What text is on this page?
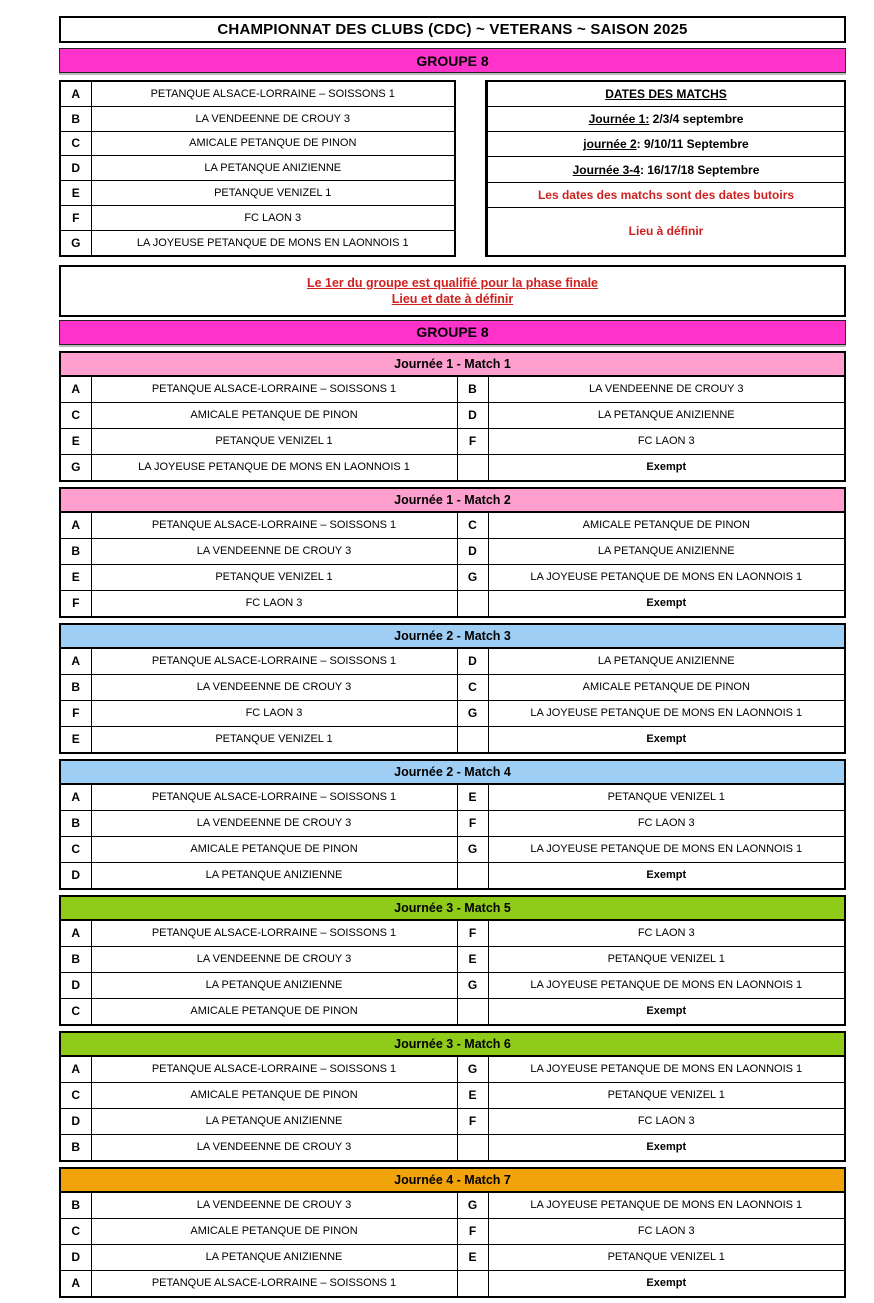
CHAMPIONNAT DES CLUBS (CDC) ~ VETERANS ~ SAISON 2025
GROUPE 8
A	PETANQUE ALSACE-LORRAINE – SOISSONS 1
B	LA VENDEENNE DE CROUY 3
C	AMICALE PETANQUE DE PINON
D	LA PETANQUE ANIZIENNE
E	PETANQUE VENIZEL 1
F	FC LAON 3
G	LA JOYEUSE PETANQUE DE MONS EN LAONNOIS 1
DATES DES MATCHS
Journée 1: 2/3/4 septembre
journée 2: 9/10/11 Septembre
Journée 3-4: 16/17/18 Septembre
Les dates des matchs sont des dates butoirs
Lieu à définir
Le 1er du groupe est qualifié pour la phase finale
Lieu et date à définir
GROUPE 8
Journée 1 - Match 1			
A	PETANQUE ALSACE-LORRAINE – SOISSONS 1	B	LA VENDEENNE DE CROUY 3
C	AMICALE PETANQUE DE PINON	D	LA PETANQUE ANIZIENNE
E	PETANQUE VENIZEL 1	F	FC LAON 3
G	LA JOYEUSE PETANQUE DE MONS EN LAONNOIS 1		Exempt
Journée 1 - Match 2			
A	PETANQUE ALSACE-LORRAINE – SOISSONS 1	C	AMICALE PETANQUE DE PINON
B	LA VENDEENNE DE CROUY 3	D	LA PETANQUE ANIZIENNE
E	PETANQUE VENIZEL 1	G	LA JOYEUSE PETANQUE DE MONS EN LAONNOIS 1
F	FC LAON 3		Exempt
Journée 2 - Match 3			
A	PETANQUE ALSACE-LORRAINE – SOISSONS 1	D	LA PETANQUE ANIZIENNE
B	LA VENDEENNE DE CROUY 3	C	AMICALE PETANQUE DE PINON
F	FC LAON 3	G	LA JOYEUSE PETANQUE DE MONS EN LAONNOIS 1
E	PETANQUE VENIZEL 1		Exempt
Journée 2 - Match 4			
A	PETANQUE ALSACE-LORRAINE – SOISSONS 1	E	PETANQUE VENIZEL 1
B	LA VENDEENNE DE CROUY 3	F	FC LAON 3
C	AMICALE PETANQUE DE PINON	G	LA JOYEUSE PETANQUE DE MONS EN LAONNOIS 1
D	LA PETANQUE ANIZIENNE		Exempt
Journée 3 - Match 5			
A	PETANQUE ALSACE-LORRAINE – SOISSONS 1	F	FC LAON 3
B	LA VENDEENNE DE CROUY 3	E	PETANQUE VENIZEL 1
D	LA PETANQUE ANIZIENNE	G	LA JOYEUSE PETANQUE DE MONS EN LAONNOIS 1
C	AMICALE PETANQUE DE PINON		Exempt
Journée 3 - Match 6			
A	PETANQUE ALSACE-LORRAINE – SOISSONS 1	G	LA JOYEUSE PETANQUE DE MONS EN LAONNOIS 1
C	AMICALE PETANQUE DE PINON	E	PETANQUE VENIZEL 1
D	LA PETANQUE ANIZIENNE	F	FC LAON 3
B	LA VENDEENNE DE CROUY 3		Exempt
Journée 4 - Match 7			
B	LA VENDEENNE DE CROUY 3	G	LA JOYEUSE PETANQUE DE MONS EN LAONNOIS 1
C	AMICALE PETANQUE DE PINON	F	FC LAON 3
D	LA PETANQUE ANIZIENNE	E	PETANQUE VENIZEL 1
A	PETANQUE ALSACE-LORRAINE – SOISSONS 1		Exempt
